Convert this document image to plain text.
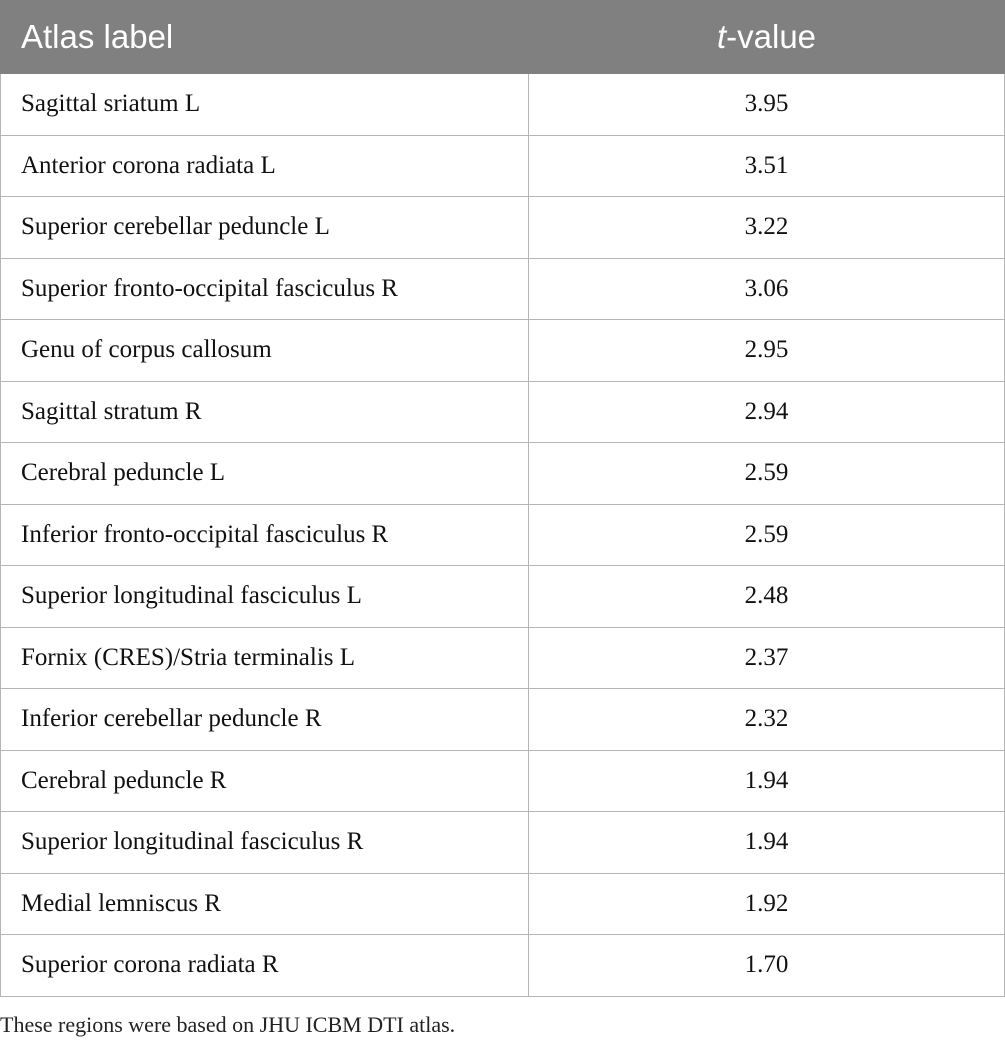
Atlas label	t-value
Sagittal sriatum L	3.95
Anterior corona radiata L	3.51
Superior cerebellar peduncle L	3.22
Superior fronto-occipital fasciculus R	3.06
Genu of corpus callosum	2.95
Sagittal stratum R	2.94
Cerebral peduncle L	2.59
Inferior fronto-occipital fasciculus R	2.59
Superior longitudinal fasciculus L	2.48
Fornix (CRES)/Stria terminalis L	2.37
Inferior cerebellar peduncle R	2.32
Cerebral peduncle R	1.94
Superior longitudinal fasciculus R	1.94
Medial lemniscus R	1.92
Superior corona radiata R	1.70
These regions were based on JHU ICBM DTI atlas.
